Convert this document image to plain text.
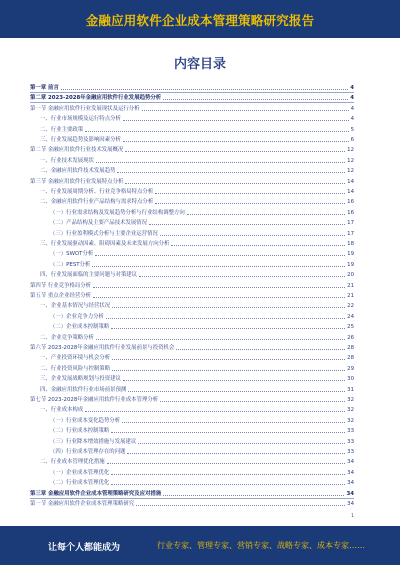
金融应用软件企业成本管理策略研究报告
内容目录
第一章 前言	4
第二章 2023-2028年金融应用软件行业发展趋势分析	4
第一节 金融应用软件行业发展现状及运行分析	4
一、行业市场规模及运行特点分析	4
二、行业主要政策	5
三、行业发展趋势及影响因素分析	6
第二节 金融应用软件行业技术发展概况	12
一、行业技术发展现状	12
二、金融应用软件技术发展趋势	12
第三节 金融应用软件行业发展特点分析	14
一、行业发展周期分析、行业竞争格局特点分析	14
二、金融应用软件行业产品结构与需求特点分析	16
（一）行业需求结构及发展趋势分析与行业结构调整方向	16
（二）产品结构及主要产品技术发展情况	17
（三）行业盈利模式分析与主要企业运营情况	17
三、行业发展驱动因素、阻碍因素及未来发展方向分析	18
（一）SWOT分析	19
（二）PEST分析	19
四、行业发展面临的主要问题与对策建议	20
第四节 行业竞争格局分析	21
第五节 重点企业经营分析	21
一、企业基本情况与经营状况	22
（一）企业竞争力分析	24
（二）企业成本控制策略	25
二、企业竞争策略分析	26
第六节 2023-2028年金融应用软件行业发展前景与投资机会	28
一、产业投资环境与机会分析	28
二、行业投资风险与控制策略	29
三、企业发展战略规划与投资建议	30
四、金融应用软件行业市场前景预测	31
第七节 2023-2028年金融应用软件行业成本管理分析	32
一、行业成本构成	32
（一）行业成本变化趋势分析	32
（二）行业成本控制策略	33
（三）行业降本增效措施与发展建议	33
（四）行业成本管理存在的问题	33
二、行业成本管理优化措施	34
（一）企业成本管理优化	34
（二）行业成本管理优化	34
第三章 金融应用软件企业成本管理策略研究及应对措施	34
第一节 金融应用软件企业成本管理策略研究	34
1
让每个人都能成为	行业专家、管理专家、营销专家、战略专家、成本专家……
